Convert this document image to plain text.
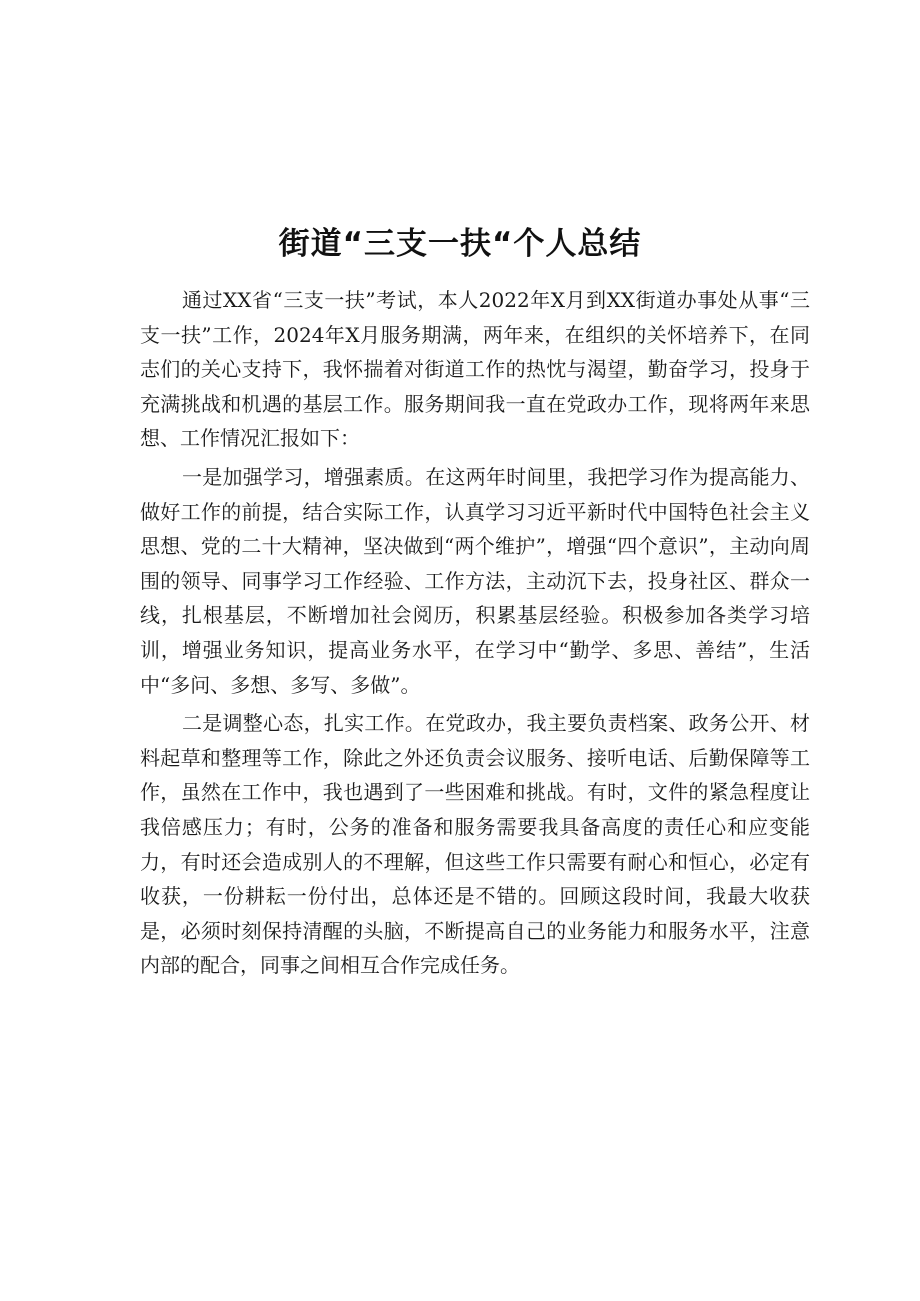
街道“三支一扶“个人总结

通过XX省“三支一扶”考试，本人2022年X月到XX街道办事处从事“三支一扶”工作，2024年X月服务期满，两年来，在组织的关怀培养下，在同志们的关心支持下，我怀揣着对街道工作的热忱与渴望，勤奋学习，投身于充满挑战和机遇的基层工作。服务期间我一直在党政办工作，现将两年来思想、工作情况汇报如下：

一是加强学习，增强素质。在这两年时间里，我把学习作为提高能力、做好工作的前提，结合实际工作，认真学习习近平新时代中国特色社会主义思想、党的二十大精神，坚决做到“两个维护”，增强“四个意识”，主动向周围的领导、同事学习工作经验、工作方法，主动沉下去，投身社区、群众一线，扎根基层，不断增加社会阅历，积累基层经验。积极参加各类学习培训，增强业务知识，提高业务水平，在学习中“勤学、多思、善结”，生活中“多问、多想、多写、多做”。

二是调整心态，扎实工作。在党政办，我主要负责档案、政务公开、材料起草和整理等工作，除此之外还负责会议服务、接听电话、后勤保障等工作，虽然在工作中，我也遇到了一些困难和挑战。有时，文件的紧急程度让我倍感压力；有时，公务的准备和服务需要我具备高度的责任心和应变能力，有时还会造成别人的不理解，但这些工作只需要有耐心和恒心，必定有收获，一份耕耘一份付出，总体还是不错的。回顾这段时间，我最大收获是，必须时刻保持清醒的头脑，不断提高自己的业务能力和服务水平，注意内部的配合，同事之间相互合作完成任务。
